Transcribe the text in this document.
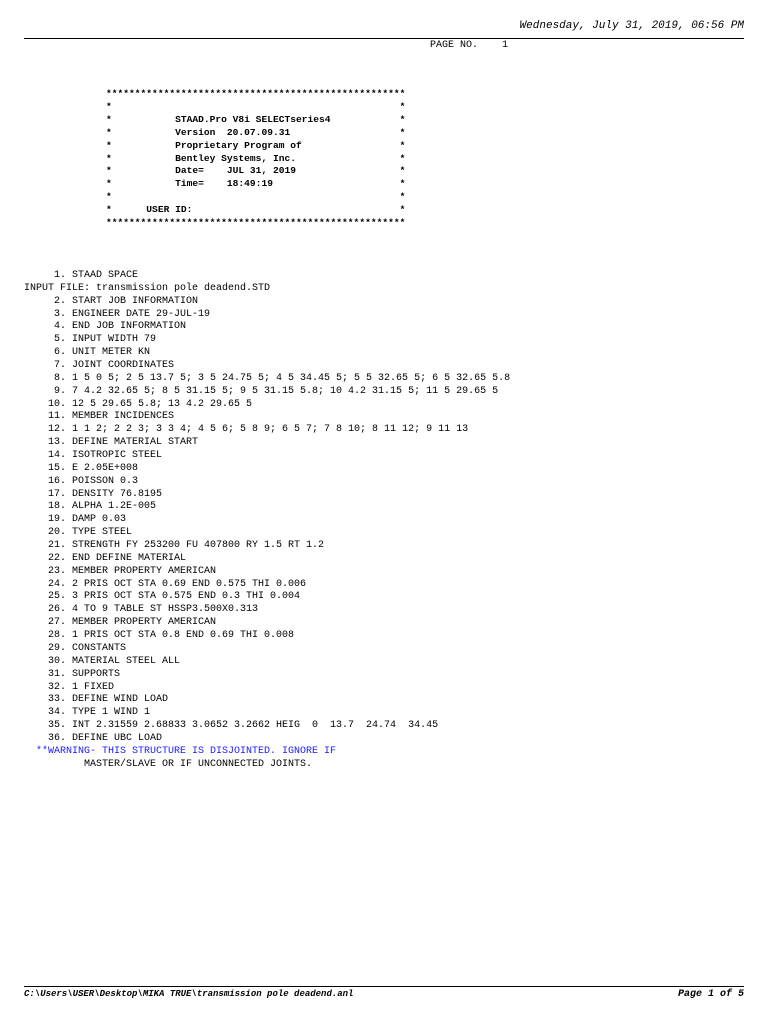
Wednesday, July 31, 2019, 06:56 PM
PAGE NO. 1
****************************************************
*                                                  *
*           STAAD.Pro V8i SELECTseries4            *
*           Version  20.07.09.31                   *
*           Proprietary Program of                 *
*           Bentley Systems, Inc.                  *
*           Date=    JUL 31, 2019                  *
*           Time=    18:49:19                      *
*                                                  *
*      USER ID:                                    *
****************************************************
1. STAAD SPACE
INPUT FILE: transmission pole deadend.STD
2. START JOB INFORMATION
3. ENGINEER DATE 29-JUL-19
4. END JOB INFORMATION
5. INPUT WIDTH 79
6. UNIT METER KN
7. JOINT COORDINATES
8. 1 5 0 5; 2 5 13.7 5; 3 5 24.75 5; 4 5 34.45 5; 5 5 32.65 5; 6 5 32.65 5.8
9. 7 4.2 32.65 5; 8 5 31.15 5; 9 5 31.15 5.8; 10 4.2 31.15 5; 11 5 29.65 5
10. 12 5 29.65 5.8; 13 4.2 29.65 5
11. MEMBER INCIDENCES
12. 1 1 2; 2 2 3; 3 3 4; 4 5 6; 5 8 9; 6 5 7; 7 8 10; 8 11 12; 9 11 13
13. DEFINE MATERIAL START
14. ISOTROPIC STEEL
15. E 2.05E+008
16. POISSON 0.3
17. DENSITY 76.8195
18. ALPHA 1.2E-005
19. DAMP 0.03
20. TYPE STEEL
21. STRENGTH FY 253200 FU 407800 RY 1.5 RT 1.2
22. END DEFINE MATERIAL
23. MEMBER PROPERTY AMERICAN
24. 2 PRIS OCT STA 0.69 END 0.575 THI 0.006
25. 3 PRIS OCT STA 0.575 END 0.3 THI 0.004
26. 4 TO 9 TABLE ST HSSP3.500X0.313
27. MEMBER PROPERTY AMERICAN
28. 1 PRIS OCT STA 0.8 END 0.69 THI 0.008
29. CONSTANTS
30. MATERIAL STEEL ALL
31. SUPPORTS
32. 1 FIXED
33. DEFINE WIND LOAD
34. TYPE 1 WIND 1
35. INT 2.31559 2.68833 3.0652 3.2662 HEIG  0  13.7  24.74  34.45
36. DEFINE UBC LOAD
**WARNING- THIS STRUCTURE IS DISJOINTED. IGNORE IF
MASTER/SLAVE OR IF UNCONNECTED JOINTS.
C:\Users\USER\Desktop\MIKA TRUE\transmission pole deadend.anl	Page 1 of 5
